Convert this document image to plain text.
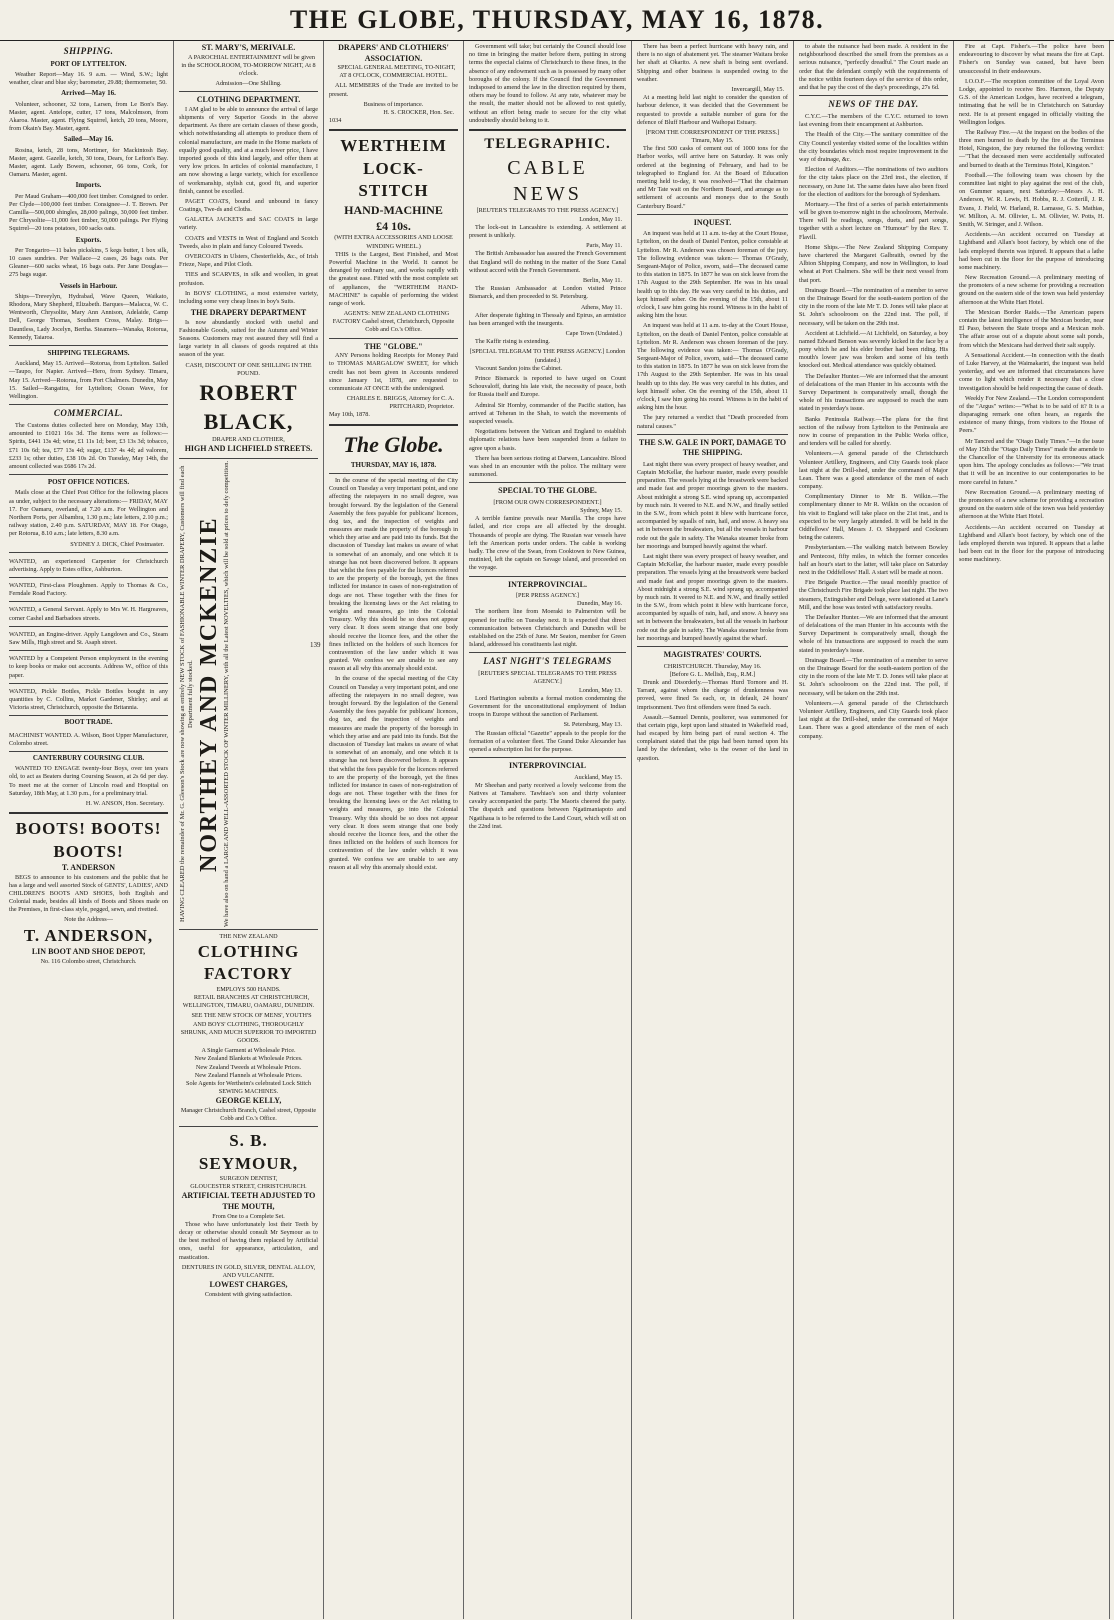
THE GLOBE, THURSDAY, MAY 16, 1878.
SHIPPING.
PORT OF LYTTELTON.

Weather Report—May 16. 9 a.m. — Wind, S.W.; light weather, clear and blue sky; barometer, 29.88; thermometer, 50.

Arrived—May 16.

Volunteer, schooner, 32 tons, Larsen, from Le Bon's Bay. Master, agent. Antelope, cutter, 17 tons, Malcolmson, from Akaroa. Master, agent. Flying Squirrel, ketch, 20 tons, Moore, from Okain's Bay. Master, agent.

Sailed—May 16.

Rosina, ketch, 28 tons, Mortimer, for Mackintosh Bay. Master, agent. Gazelle, ketch, 30 tons, Dears, for Lefton's Bay. Master, agent. Lady Bowen, schooner, 66 tons, Cork, for Oamaru. Master, agent.

Imports.

Per Maud Graham—400,000 feet timber. Consigned to order. Per Clyde—100,000 feet timber. Consignee—J. T. Brown. Per Camilla—500,000 shingles, 28,000 palings, 30,000 feet timber. Per Chrysolite—11,000 feet timber, 50,000 palings. Per Flying Squirrel—20 tons potatoes, 100 sacks oats.

Exports.

Per Tongariro—11 bales pickskins, 5 kegs butter, 1 box silk, 10 cases sundries. Per Wallace—2 cases, 26 bags oats. Per Gleaner—600 sacks wheat, 16 bags oats. Per Jane Douglas—275 bags sugar.

Vessels in Harbour.

Ships—Treveylyn, Hydrabad, Wave Queen, Waikato, Rhodora, Mary Shepherd, Elizabeth. Barques—Malacca, W. C. Wentworth, Chrysolite, Mary Ann Annison, Adelaide, Camp Dell, George Thomas, Southern Cross, Malay. Brigs—Dauntless, Lady Jocelyn, Bertha. Steamers—Wanaka, Rotorua, Kennedy, Taiaroa.

SHIPPING TELEGRAMS.

Auckland, May 15. Arrived—Rotorua, from Lyttelton. Sailed—Taupo, for Napier. Arrived—Hero, from Sydney. Timaru, May 15. Arrived—Rotorua, from Port Chalmers. Dunedin, May 15. Sailed—Rangatira, for Lyttelton; Ocean Wave, for Wellington.

COMMERCIAL.

The Customs duties collected here on Monday, May 13th, amounted to £1021 16s 3d. The items were as follows:—Spirits, £441 13s 4d; wine, £1 11s 1d; beer, £3 13s 3d; tobacco, £71 10s 6d; tea, £77 13s 4d; sugar, £137 4s 4d; ad valorem, £233 1s; other duties, £38 10s 2d. On Tuesday, May 14th, the amount collected was £686 17s 2d.

POST OFFICE NOTICES.

Mails close at the Chief Post Office for the following places as under, subject to the necessary alterations:— FRIDAY, MAY 17. For Oamaru, overland, at 7.20 a.m. For Wellington and Northern Ports, per Albambra, 1.30 p.m.; late letters, 2.10 p.m.; railway station, 2.40 p.m. SATURDAY, MAY 18. For Otago, per Rotorua, 8.10 a.m.; late letters, 8.30 a.m.

SYDNEY J. DICK, Chief Postmaster.
WANTED, an experienced Carpenter for Christchurch advertising. Apply to Estes office, Ashburton.
WANTED, First-class Ploughmen. Apply to Thomas & Co., Ferndale Road Factory.
WANTED, a General Servant. Apply to Mrs W. H. Hargreaves, corner Cashel and Barbadoes streets.
WANTED, an Engine-driver. Apply Langdown and Co., Steam Saw Mills, High street and St. Asaph street.
WANTED by a Competent Person employment in the evening to keep books or make out accounts. Address W., office of this paper.
WANTED, Pickle Bottles, Pickle Bottles bought in any quantities by C. Collins, Market Gardener, Shirley; and at Victoria street, Christchurch, opposite the Britannia.
BOOT TRADE.
MACHINIST WANTED. A. Wilson, Boot Upper Manufacturer, Colombo street.
CANTERBURY COURSING CLUB.

WANTED TO ENGAGE twenty-four Boys, over ten years old, to act as Beaters during Coursing Season, at 2s 6d per day. To meet me at the corner of Lincoln road and Hospital on Saturday, 18th May, at 1.30 p.m., for a preliminary trial.

H. W. ANSON, Hon. Secretary.
BOOTS! BOOTS! BOOTS!
T. ANDERSON

BEGS to announce to his customers and the public that he has a large and well assorted Stock of GENTS', LADIES', AND CHILDREN'S BOOTS AND SHOES, both English and Colonial made, besides all kinds of Boots and Shoes made on the Premises, in first-class style, pegged, sewn, and rivetted.

Note the Address—
T. ANDERSON,
LIN BOOT AND SHOE DEPOT,
No. 116 Colombo street, Christchurch.
ST. MARY'S, MERIVALE.

A PAROCHIAL ENTERTAINMENT will be given in the SCHOOLROOM, TO-MORROW NIGHT, At 8 o'clock.

Admission—One Shilling.
CLOTHING DEPARTMENT.

I AM glad to be able to announce the arrival of large shipments of very Superior Goods in the above department. As there are certain classes of these goods, which notwithstanding all attempts to produce them of colonial manufacture, are made in the Home markets of equally good quality, and at a much lower price, I have imported goods of this kind largely, and offer them at very low prices. In articles of colonial manufacture, I am now showing a large variety, which for excellence of workmanship, stylish cut, good fit, and superior finish, cannot be excelled.

PAGET COATS, bound and unbound in fancy Coatings, Twe-ds and Cloths.

GALATEA JACKETS and SAC COATS in large variety.

COATS and VESTS in West of England and Scotch Tweeds, also in plain and fancy Coloured Tweeds.

OVERCOATS in Ulsters, Chesterfields, &c., of Irish Frieze, Nape, and Pilot Cloth.

TIES and SCARVES, in silk and woollen, in great profusion.

In BOYS' CLOTHING, a most extensive variety, including some very cheap lines in boy's Suits.

THE DRAPERY DEPARTMENT

Is now abundantly stocked with useful and Fashionable Goods, suited for the Autumn and Winter Seasons. Customers may rest assured they will find a large variety in all classes of goods required at this season of the year.

CASH, DISCOUNT OF ONE SHILLING IN THE POUND.
ROBERT BLACK,
DRAPER AND CLOTHIER,
HIGH AND LICHFIELD STREETS.
HAVING CLEARED the remainder of Mr. G. Gleeson's Stock are now showing an entirely NEW STOCK of FASHIONABLE WINTER DRAPERY, Customers will find each Department fully stocked. NORTHEY AND MCKENZIE We have also on hand a LARGE AND WELL-ASSORTED STOCK OF WINTER MILLINERY, with all the Latest NOVELTIES, which will be sold at prices to defy competition.
THE NEW ZEALAND
CLOTHING FACTORY
EMPLOYS 500 HANDS.

RETAIL BRANCHES AT CHRISTCHURCH, WELLINGTON, TIMARU, OAMARU, DUNEDIN.

SEE THE NEW STOCK OF MENS', YOUTH'S AND BOYS' CLOTHING, THOROUGHLY SHRUNK, AND MUCH SUPERIOR TO IMPORTED GOODS.

A Single Garment at Wholesale Price.
New Zealand Blankets at Wholesale Prices.
New Zealand Tweeds at Wholesale Prices.
New Zealand Flannels at Wholesale Prices.
Sole Agents for Wertheim's celebrated Lock Stitch SEWING MACHINES.
GEORGE KELLY,
Manager Christchurch Branch, Cashel street, Opposite Cobb and Co.'s Office.
S. B. SEYMOUR,
SURGEON DENTIST,
GLOUCESTER STREET, CHRISTCHURCH.
ARTIFICIAL TEETH ADJUSTED TO THE MOUTH,
From One to a Complete Set.

Those who have unfortunately lost their Teeth by decay or otherwise should consult Mr Seymour as to the best method of having them replaced by Artificial ones, useful for appearance, articulation, and mastication.

DENTURES IN GOLD, SILVER, DENTAL ALLOY, AND VULCANITE.
LOWEST CHARGES,
Consistent with giving satisfaction.
DRAPERS' AND CLOTHIERS' ASSOCIATION.

SPECIAL GENERAL MEETING, TO-NIGHT, AT 8 O'CLOCK, COMMERCIAL HOTEL.

ALL MEMBERS of the Trade are invited to be present.

Business of importance.
H. S. CROCKER, Hon. Sec.
1034
WERTHEIM
LOCK-STITCH
HAND-MACHINE
£4 10s.
(WITH EXTRA ACCESSORIES AND LOOSE WINDING WHEEL.)

THIS is the Largest, Best Finished, and Most Powerful Machine in the World. It cannot be deranged by ordinary use, and works rapidly with the greatest ease. Fitted with the most complete set of appliances, the "WERTHEIM HAND-MACHINE" is capable of performing the widest range of work.

AGENTS: NEW ZEALAND CLOTHING FACTORY Cashel street, Christchurch, Opposite Cobb and Co.'s Office.

THE "GLOBE."

ANY Persons holding Receipts for Money Paid to THOMAS MARGALOW SWEET, for which credit has not been given in Accounts rendered since January 1st, 1878, are requested to communicate AT ONCE with the undersigned.

CHARLES E. BRIGGS, Attorney for C. A. PRITCHARD, Proprietor.
May 10th, 1878.
The Globe.
THURSDAY, MAY 16, 1878.

In the course of the special meeting of the City Council on Tuesday a very important point, and one affecting the ratepayers in no small degree, was brought forward. By the legislation of the General Assembly the fees payable for publicans' licences, dog tax, and the inspection of weights and measures are made the property of the borough in which they arise and are paid into its funds. But the discussion of Tuesday last makes us aware of what is somewhat of an anomaly, and one which it is strange has not been discovered before. It appears that whilst the fees payable for the licences referred to are the property of the borough, yet the fines inflicted for instance in cases of non-registration of dogs are not. These together with the fines for breaking the licensing laws or the Act relating to weights and measures, go into the Colonial Treasury. Why this should be so does not appear very clear. It does seem strange that one body should receive the licence fees, and the other the fines inflicted on the holders of such licences for contravention of the law under which it was granted. We confess we are unable to see any reason at all why this anomaly should exist.

In the course of the special meeting of the City Council on Tuesday a very important point, and one affecting the ratepayers in no small degree, was brought forward. By the legislation of the General Assembly the fees payable for publicans' licences, dog tax, and the inspection of weights and measures are made the property of the borough in which they arise and are paid into its funds. But the discussion of Tuesday last makes us aware of what is somewhat of an anomaly, and one which it is strange has not been discovered before. It appears that whilst the fees payable for the licences referred to are the property of the borough, yet the fines inflicted for instance in cases of non-registration of dogs are not. These together with the fines for breaking the licensing laws or the Act relating to weights and measures, go into the Colonial Treasury. Why this should be so does not appear very clear. It does seem strange that one body should receive the licence fees, and the other the fines inflicted on the holders of such licences for contravention of the law under which it was granted. We confess we are unable to see any reason at all why this anomaly should exist.

Government will take; but certainly the Council should lose no time in bringing the matter before them, putting in strong terms the especial claims of Christchurch to these fines, in the absence of any endowment such as is possessed by many other boroughs of the colony. If the Council find the Government indisposed to amend the law in the direction required by them, others may be found to follow. At any rate, whatever may be the result, the matter should not be allowed to rest quietly, without an effort being made to secure for the city what undoubtedly should belong to it.

TELEGRAPHIC.
CABLE NEWS
[REUTER'S TELEGRAMS TO THE PRESS AGENCY.]
London, May 11.

The lock-out in Lancashire is extending. A settlement at present is unlikely.

Paris, May 11.

The British Ambassador has assured the French Government that England will do nothing in the matter of the Suez Canal without accord with the French Government.

Berlin, May 11.

The Russian Ambassador at London visited Prince Bismarck, and then proceeded to St. Petersburg.

Athens, May 11.

After desperate fighting in Thessaly and Epirus, an armistice has been arranged with the insurgents.

Cape Town (Undated.)

The Kaffir rising is extending.

[SPECIAL TELEGRAM TO THE PRESS AGENCY.] London (undated.)

Viscount Sandon joins the Cabinet.

Prince Bismarck is reported to have urged on Count Schouvaloff, during his late visit, the necessity of peace, both for Russia itself and Europe.

Admiral Sir Hornby, commander of the Pacific station, has arrived at Teheran in the Shah, to watch the movements of suspected vessels.

Negotiations between the Vatican and England to establish diplomatic relations have been suspended from a failure to agree upon a basis.

There has been serious rioting at Darwen, Lancashire. Blood was shed in an encounter with the police. The military were summoned.

SPECIAL TO THE GLOBE.
[FROM OUR OWN CORRESPONDENT.]
Sydney, May 15.

A terrible famine prevails near Manilla. The crops have failed, and rice crops are all affected by the drought. Thousands of people are dying. The Russian war vessels have left the American ports under orders. The cable is working badly. The crew of the Swan, from Cooktown to New Guinea, mutinied, left the captain on Savage island, and proceeded on the voyage.

INTERPROVINCIAL.
[PER PRESS AGENCY.]
Dunedin, May 16.

The northern line from Moeraki to Palmerston will be opened for traffic on Tuesday next. It is expected that direct communication between Christchurch and Dunedin will be established on the 25th of June. Mr Seaton, member for Green Island, addressed his constituents last night.

LAST NIGHT'S TELEGRAMS
[REUTER'S SPECIAL TELEGRAMS TO THE PRESS AGENCY.]
London, May 13.

Lord Hartington submits a formal motion condemning the Government for the unconstitutional employment of Indian troops in Europe without the sanction of Parliament.

St. Petersburg, May 13.

The Russian official "Gazette" appeals to the people for the formation of a volunteer fleet. The Grand Duke Alexander has opened a subscription list for the purpose.

INTERPROVINCIAL
Auckland, May 15.

Mr Sheehan and party received a lovely welcome from the Natives at Tamahere. Tawhiao's son and thirty volunteer cavalry accompanied the party. The Maoris cheered the party. The dispatch and questions between Ngatimaniapoto and Ngatihaua is to be referred to the Land Court, which will sit on the 22nd inst.

There has been a perfect hurricane with heavy rain, and there is no sign of abatement yet. The steamer Waitara broke her shaft at Okarito. A new shaft is being sent overland. Shipping and other business is suspended owing to the weather.

Invercargill, May 15.

At a meeting held last night to consider the question of harbour defence, it was decided that the Government be requested to provide a suitable number of guns for the defence of Bluff Harbour and Waihopai Estuary.

[FROM THE CORRESPONDENT OF THE PRESS.] Timaru, May 15.

The first 500 casks of cement out of 1000 tons for the Harbor works, will arrive here on Saturday. It was only ordered at the beginning of February, and had to be telegraphed to England for. At the Board of Education meeting held to-day, it was resolved—"That the chairman and Mr Tate wait on the Northern Board, and arrange as to settlement of accounts and moneys due to the South Canterbury Board."

INQUEST.

An inquest was held at 11 a.m. to-day at the Court House, Lyttelton, on the death of Daniel Fenton, police constable at Lyttelton. Mr R. Anderson was chosen foreman of the jury. The following evidence was taken:— Thomas O'Grady, Sergeant-Major of Police, sworn, said—The deceased came to this station in 1875. In 1877 he was on sick leave from the 17th August to the 29th September. He was in his usual health up to this day. He was very careful in his duties, and kept himself sober. On the evening of the 15th, about 11 o'clock, I saw him going his round. Witness is in the habit of asking him the hour.

An inquest was held at 11 a.m. to-day at the Court House, Lyttelton, on the death of Daniel Fenton, police constable at Lyttelton. Mr R. Anderson was chosen foreman of the jury. The following evidence was taken:— Thomas O'Grady, Sergeant-Major of Police, sworn, said—The deceased came to this station in 1875. In 1877 he was on sick leave from the 17th August to the 29th September. He was in his usual health up to this day. He was very careful in his duties, and kept himself sober. On the evening of the 15th, about 11 o'clock, I saw him going his round. Witness is in the habit of asking him the hour.

The jury returned a verdict that "Death proceeded from natural causes."

THE S.W. GALE IN PORT, DAMAGE TO THE SHIPPING.

Last night there was every prospect of heavy weather, and Captain McKellar, the harbour master, made every possible preparation. The vessels lying at the breastwork were backed and made fast and proper moorings given to the masters. About midnight a strong S.E. wind sprang up, accompanied by much rain. It veered to N.E. and N.W., and finally settled in the S.W., from which point it blew with hurricane force, accompanied by squalls of rain, hail, and snow. A heavy sea set in between the breakwaters, but all the vessels in harbour rode out the gale in safety. The Wanaka steamer broke from her moorings and bumped heavily against the wharf.

Last night there was every prospect of heavy weather, and Captain McKellar, the harbour master, made every possible preparation. The vessels lying at the breastwork were backed and made fast and proper moorings given to the masters. About midnight a strong S.E. wind sprang up, accompanied by much rain. It veered to N.E. and N.W., and finally settled in the S.W., from which point it blew with hurricane force, accompanied by squalls of rain, hail, and snow. A heavy sea set in between the breakwaters, but all the vessels in harbour rode out the gale in safety. The Wanaka steamer broke from her moorings and bumped heavily against the wharf.

MAGISTRATES' COURTS.
CHRISTCHURCH. Thursday, May 16.
[Before G. L. Mellish, Esq., R.M.]

Drunk and Disorderly.—Thomas Hurd Tornore and H. Tarrant, against whom the charge of drunkenness was proved, were fined 5s each, or, in default, 24 hours' imprisonment. Two first offenders were fined 5s each.

Assault.—Samuel Dennis, poulterer, was summoned for that certain pigs, kept upon land situated in Wakefield road, had escaped by him being part of rural section 4. The complainant stated that the pigs had been turned upon his land by the defendant, who is the owner of the land in question.

to abate the nuisance had been made. A resident in the neighbourhood described the smell from the premises as a serious nuisance, "perfectly dreadful." The Court made an order that the defendant comply with the requirements of the notice within fourteen days of the service of this order, and that he pay the cost of the day's proceedings, 27s 6d.

NEWS OF THE DAY.

C.Y.C.—The members of the C.Y.C. returned to town last evening from their encampment at Ashburton.

The Health of the City.—The sanitary committee of the City Council yesterday visited some of the localities within the city boundaries which most require improvement in the way of drainage, &c.

Election of Auditors.—The nominations of two auditors for the city takes place on the 23rd inst., the election, if necessary, on June 1st. The same dates have also been fixed for the election of auditors for the borough of Sydenham.

Mortuary.—The first of a series of parish entertainments will be given to-morrow night in the schoolroom, Merivale. There will be readings, songs, duets, and part songs, together with a short lecture on "Humour" by the Rev. T. Flavill.

Home Ships.—The New Zealand Shipping Company have chartered the Margaret Galbraith, owned by the Albion Shipping Company, and now in Wellington, to load wheat at Port Chalmers. She will be their next vessel from that port.

Drainage Board.—The nomination of a member to serve on the Drainage Board for the south-eastern portion of the city in the room of the late Mr T. D. Jones will take place at St. John's schoolroom on the 22nd inst. The poll, if necessary, will be taken on the 29th inst.

Accident at Lichfield.—At Lichfield, on Saturday, a boy named Edward Benson was severely kicked in the face by a pony which he and his elder brother had been riding. His mouth's lower jaw was broken and some of his teeth knocked out. Medical attendance was quickly obtained.

The Defaulter Hunter.—We are informed that the amount of defalcations of the man Hunter in his accounts with the Survey Department is comparatively small, though the whole of his transactions are supposed to reach the sum stated in yesterday's issue.

Banks Peninsula Railway.—The plans for the first section of the railway from Lyttelton to the Peninsula are now in course of preparation in the Public Works office, and tenders will be called for shortly.

Volunteers.—A general parade of the Christchurch Volunteer Artillery, Engineers, and City Guards took place last night at the Drill-shed, under the command of Major Lean. There was a good attendance of the men of each company.

Complimentary Dinner to Mr B. Wilkin.—The complimentary dinner to Mr R. Wilkin on the occasion of his visit to England will take place on the 21st inst., and is expected to be very largely attended. It will be held in the Oddfellows' Hall, Messrs J. O. Sheppard and Cockram being the caterers.

Presbyterianism.—The walking match between Bowley and Pentecost, fifty miles, in which the former concedes half an hour's start to the latter, will take place on Saturday next in the Oddfellows' Hall. A start will be made at noon.

Fire Brigade Practice.—The usual monthly practice of the Christchurch Fire Brigade took place last night. The two steamers, Extinguisher and Deluge, were stationed at Lane's Mill, and the hose was tested with satisfactory results.

The Defaulter Hunter.—We are informed that the amount of defalcations of the man Hunter in his accounts with the Survey Department is comparatively small, though the whole of his transactions are supposed to reach the sum stated in yesterday's issue.

Drainage Board.—The nomination of a member to serve on the Drainage Board for the south-eastern portion of the city in the room of the late Mr T. D. Jones will take place at St. John's schoolroom on the 22nd inst. The poll, if necessary, will be taken on the 29th inst.

Volunteers.—A general parade of the Christchurch Volunteer Artillery, Engineers, and City Guards took place last night at the Drill-shed, under the command of Major Lean. There was a good attendance of the men of each company.

Fire at Capt. Fisher's.—The police have been endeavouring to discover by what means the fire at Capt. Fisher's on Sunday was caused, but have been unsuccessful in their endeavours.

I.O.O.F.—The reception committee of the Loyal Avon Lodge, appointed to receive Bro. Harmon, the Deputy G.S. of the American Lodges, have received a telegram, intimating that he will be in Christchurch on Saturday next. He is at present engaged in officially visiting the Wellington lodges.

The Railway Fire.—At the inquest on the bodies of the three men burned to death by the fire at the Terminus Hotel, Kingston, the jury returned the following verdict:—"That the deceased men were accidentally suffocated and burned to death at the Terminus Hotel, Kingston."

Football.—The following team was chosen by the committee last night to play against the rest of the club, on Gummer square, next Saturday:—Messrs A. H. Anderson, W. R. Lewis, H. Hobbs, R. J. Cotterill, J. R. Evans, J. Field, W. Harland, R. Lamasse, G. S. Mathias, W. Millton, A. M. Ollivier, L. M. Ollivier, W. Potts, H. Smith, W. Stringer, and J. Wilson.

Accidents.—An accident occurred on Tuesday at Lightband and Allan's boot factory, by which one of the lads employed therein was injured. It appears that a lathe had been cut in the floor for the purpose of introducing some machinery.

New Recreation Ground.—A preliminary meeting of the promoters of a new scheme for providing a recreation ground on the eastern side of the town was held yesterday afternoon at the White Hart Hotel.

The Mexican Border Raids.—The American papers contain the latest intelligence of the Mexican border, near El Paso, between the State troops and a Mexican mob. The affair arose out of a dispute about some salt ponds, from which the Mexicans had derived their salt supply.

A Sensational Accident.—In connection with the death of Luke Harvey, at the Waimakariri, the inquest was held yesterday, and we are informed that circumstances have come to light which render it necessary that a close investigation should be held respecting the cause of death.

Weekly For New Zealand.—The London correspondent of the "Argus" writes:—"What is to be said of it? It is a disparaging remark one often hears, as regards the existence of many things, from visitors to the House of Peers."

Mr Tancred and the "Otago Daily Times."—In the issue of May 15th the "Otago Daily Times" made the amende to the Chancellor of the University for its erroneous attack upon him. The apology concludes as follows:—"We trust that it will be an incentive to our contemporaries to be more careful in future."

New Recreation Ground.—A preliminary meeting of the promoters of a new scheme for providing a recreation ground on the eastern side of the town was held yesterday afternoon at the White Hart Hotel.

Accidents.—An accident occurred on Tuesday at Lightband and Allan's boot factory, by which one of the lads employed therein was injured. It appears that a lathe had been cut in the floor for the purpose of introducing some machinery.

139
